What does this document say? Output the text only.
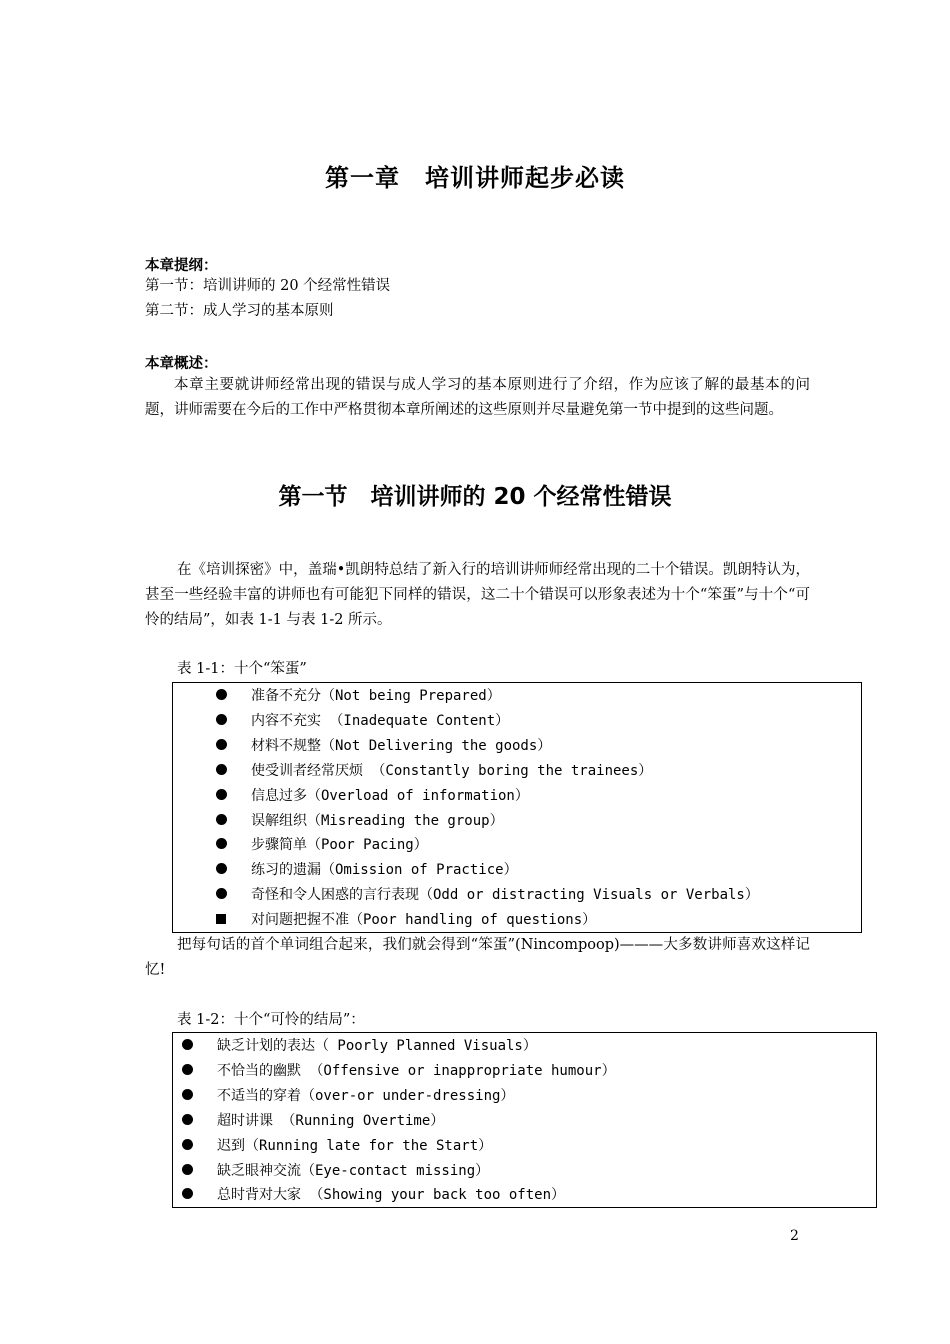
第一章　培训讲师起步必读
本章提纲：
第一节：培训讲师的 20 个经常性错误
第二节：成人学习的基本原则
本章概述：
本章主要就讲师经常出现的错误与成人学习的基本原则进行了介绍，作为应该了解的最基本的问题，讲师需要在今后的工作中严格贯彻本章所阐述的这些原则并尽量避免第一节中提到的这些问题。
第一节　培训讲师的 20 个经常性错误
在《培训探密》中，盖瑞•凯朗特总结了新入行的培训讲师师经常出现的二十个错误。凯朗特认为，甚至一些经验丰富的讲师也有可能犯下同样的错误，这二十个错误可以形象表述为十个“笨蛋”与十个“可怜的结局”，如表 1-1 与表 1-2 所示。
表 1-1：十个“笨蛋”
准备不充分（Not being Prepared）
内容不充实 （Inadequate Content）
材料不规整（Not Delivering the goods）
使受训者经常厌烦 （Constantly boring the trainees）
信息过多（Overload of information）
误解组织（Misreading the group）
步骤简单（Poor Pacing）
练习的遗漏（Omission of Practice）
奇怪和令人困惑的言行表现（Odd or distracting Visuals or Verbals）
对问题把握不准（Poor handling of questions）
把每句话的首个单词组合起来，我们就会得到“笨蛋”(Nincompoop)———大多数讲师喜欢这样记忆!
表 1-2：十个“可怜的结局”：
缺乏计划的表达（ Poorly Planned Visuals）
不恰当的幽默 （Offensive or inappropriate humour）
不适当的穿着（over-or under-dressing）
超时讲课 （Running Overtime）
迟到（Running late for the Start）
缺乏眼神交流（Eye-contact missing）
总时背对大家 （Showing your back too often）
2
